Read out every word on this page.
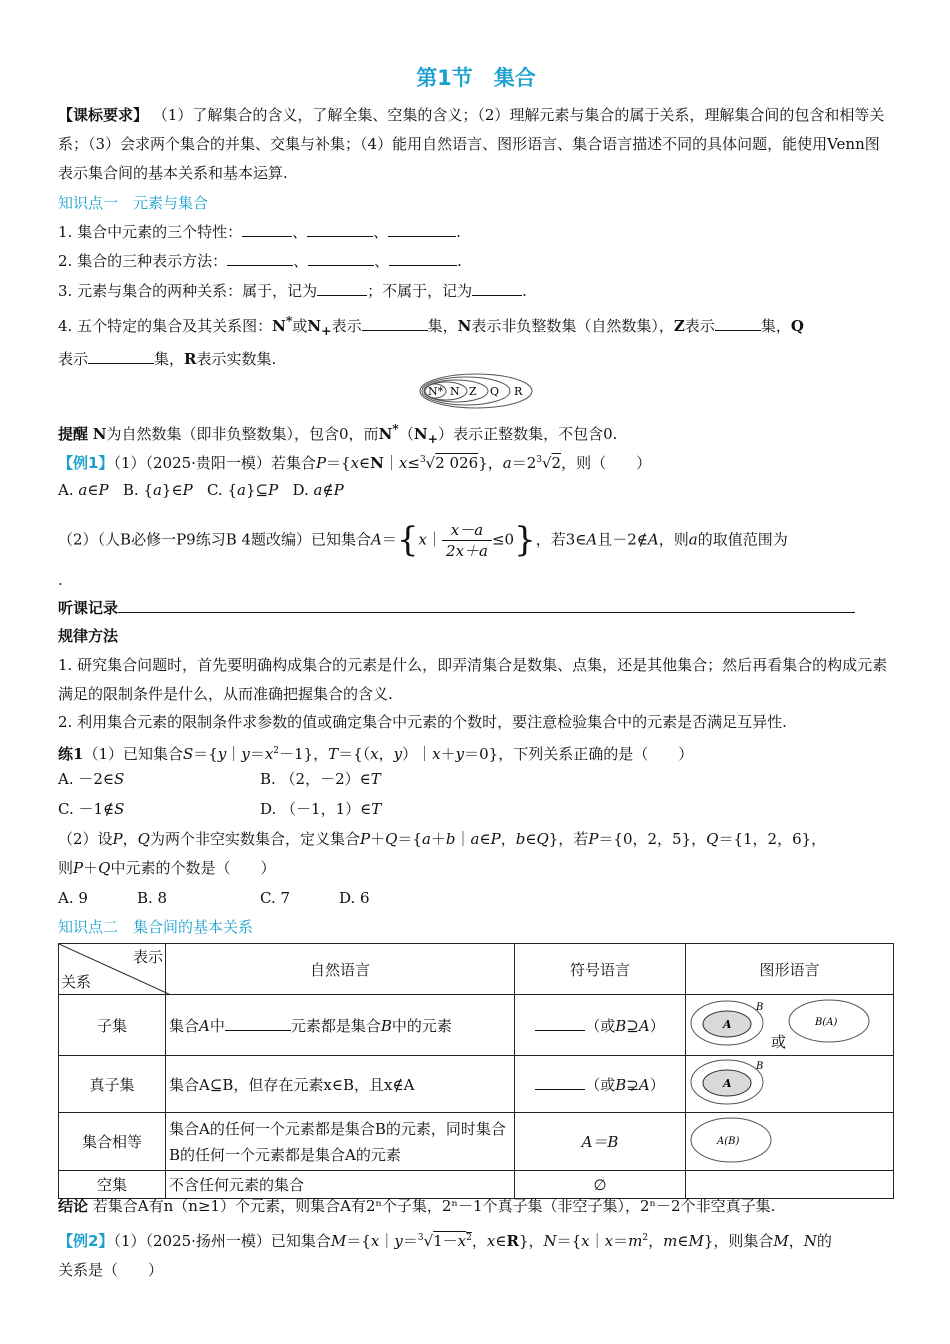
第1节　集合
【课标要求】 （1）了解集合的含义，了解全集、空集的含义；（2）理解元素与集合的属于关系，理解集合间的包含和相等关系；（3）会求两个集合的并集、交集与补集；（4）能用自然语言、图形语言、集合语言描述不同的具体问题，能使用Venn图表示集合间的基本关系和基本运算.
知识点一　元素与集合
1. 集合中元素的三个特性：	、	、	.
2. 集合的三种表示方法：	、	、	.
3. 元素与集合的两种关系：属于，记为	；不属于，记为	.
4. 五个特定的集合及其关系图：N*或$N_+$表示	集，N表示非负整数集（自然数集），Z表示	集，Q
表示	集，R表示实数集.
N* N Z Q R
提醒 N为自然数集（即非负整数集），包含0，而$N^*(N_+)$表示正整数集，不包含0.
【例1】（1）（2025·贵阳一模）若集合P＝{x∈N｜x≤$^3$√2 026}，$a=2^3√2$，则（　　）
A. a∈P B. {a}∈P C. {a}⊆P D. a∉P
（2）（人B必修一P9练习B 4题改编）已知集合A＝{x｜ $\frac{x-a}{2x+a} \le 0$}，若3∈A且－2∉A，则a的取值范围为
.
听课记录
规律方法
1. 研究集合问题时，首先要明确构成集合的元素是什么，即弄清集合是数集、点集，还是其他集合；然后再看集合的构成元素满足的限制条件是什么，从而准确把握集合的含义.
2. 利用集合元素的限制条件求参数的值或确定集合中元素的个数时，要注意检验集合中的元素是否满足互异性.
练1（1）已知集合$S=\{y|y=x^2-1\}$，T＝{（x，y）｜x＋y＝0}，下列关系正确的是（　　）
A. －2∈S	B. （2，－2）∈T
C. －1∉S	D. （－1，1）∈T
（2）设P，Q为两个非空实数集合，定义集合P＋Q＝{a＋b｜a∈P，b∈Q}，若P＝{0，2，5}，Q＝{1，2，6}，
则P＋Q中元素的个数是（　　）
A. 9	B. 8	C. 7	D. 6
知识点二　集合间的基本关系
表示
关系	自然语言	符号语言	图形语言
子集	集合A中 元素都是集合B中的元素	（或B⊇A）	A
B
或
B(A)

真子集	集合A⊆B，但存在元素x∈B，且x∉A	（或B⊋A）	A
B

集合相等	集合A的任何一个元素都是集合B的元素，同时集合B的任何一个元素都是集合A的元素	A＝B	A(B)

空集	不含任何元素的集合	∅	
结论 若集合A有n（n≥1）个元素，则集合A有2ⁿ个子集，2ⁿ－1个真子集（非空子集），2ⁿ－2个非空真子集.
【例2】（1）（2025·扬州一模）已知集合$M=\{x|y=^3√1-x^2$，x∈R}，$N=\{x|x=m^2$，m∈M}，则集合M，N的
关系是（　　）
